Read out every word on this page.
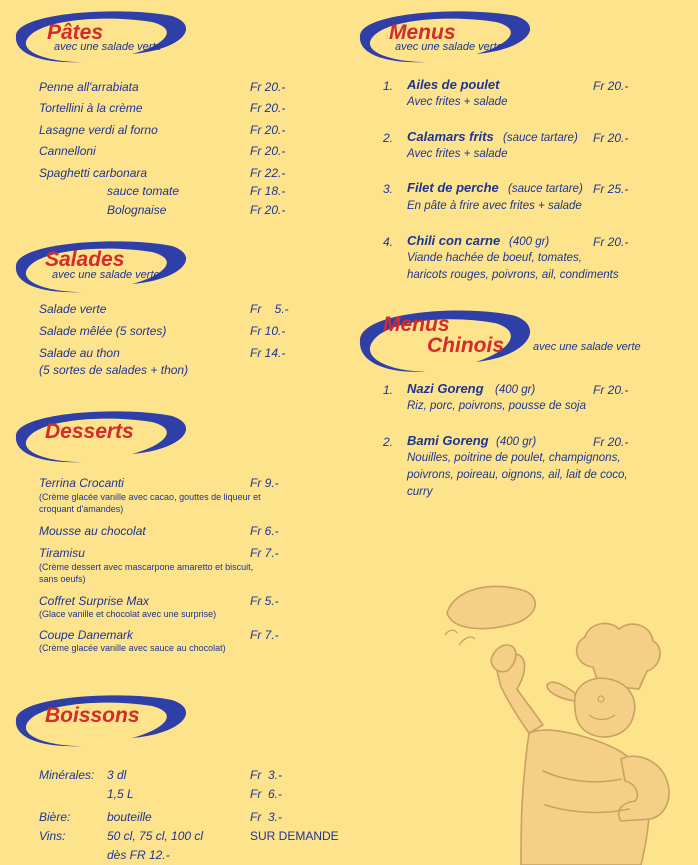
Pâtes
avec une salade verte
Penne all'arrabiata	Fr 20.-
Tortellini à la crème	Fr 20.-
Lasagne verdi al forno	Fr 20.-
Cannelloni	Fr 20.-
Spaghetti carbonara	Fr 22.-
sauce tomate	Fr 18.-
Bolognaise	Fr 20.-
Salades
avec une salade verte
Salade verte	Fr    5.-
Salade mêlée (5 sortes)	Fr 10.-
Salade au thon	Fr 14.-
(5 sortes de salades + thon)
Desserts
Terrina Crocanti	Fr 9.-
(Crème glacée vanille avec cacao, gouttes de liqueur et
croquant d'amandes)
Mousse au chocolat	Fr 6.-
Tiramisu	Fr 7.-
(Crème dessert avec mascarpone amaretto et biscuit,
sans oeufs)
Coffret Surprise Max	Fr 5.-
(Glace vanille et chocolat avec une surprise)
Coupe Danemark	Fr 7.-
(Crème glacée vanille avec sauce au chocolat)
Boissons
Minérales: 3 dl	Fr  3.-
1,5 L	Fr  6.-
Bière:	bouteille	Fr  3.-
Vins:	50 cl, 75 cl, 100 cl	SUR DEMANDE
dès FR 12.-
Menus
avec une salade verte
1. Ailes de poulet	Fr 20.-
Avec frites + salade
2. Calamars frits (sauce tartare) Fr 20.-
Avec frites + salade
3. Filet de perche (sauce tartare) Fr 25.-
En pâte à frire avec frites + salade
4. Chili con carne (400 gr)	Fr 20.-
Viande hachée de boeuf, tomates,
haricots rouges, poivrons, ail, condiments
Menus
Chinois	avec une salade verte
1. Nazi Goreng (400 gr)	Fr 20.-
Riz, porc, poivrons, pousse de soja
2. Bami Goreng (400 gr)	Fr 20.-
Nouilles, poitrine de poulet, champignons,
poivrons, poireau, oignons, ail, lait de coco,
curry
